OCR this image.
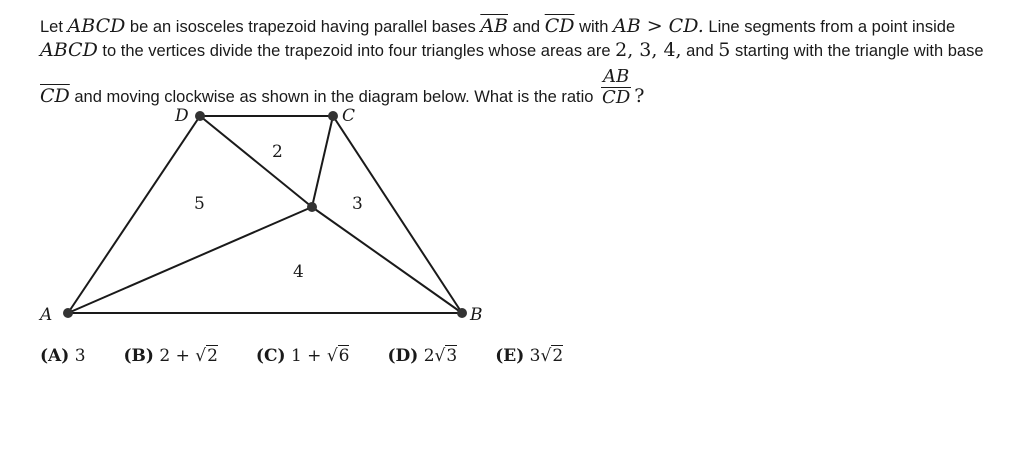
Let ABCD be an isosceles trapezoid having parallel bases $\overline{AB}$ and $\overline{CD}$ with AB > CD. Line segments from a point inside
ABCD to the vertices divide the trapezoid into four triangles whose areas are 2, 3, 4, and 5 starting with the triangle with base
$\overline{CD}$ and moving clockwise as shown in the diagram below. What is the ratio $\frac{AB}{CD}$ ?
A	B
C
D
2
3
4
5
(A) 3 (B) 2 + √2 (C) 1 + √6 (D) 2√3 (E) 3√2
